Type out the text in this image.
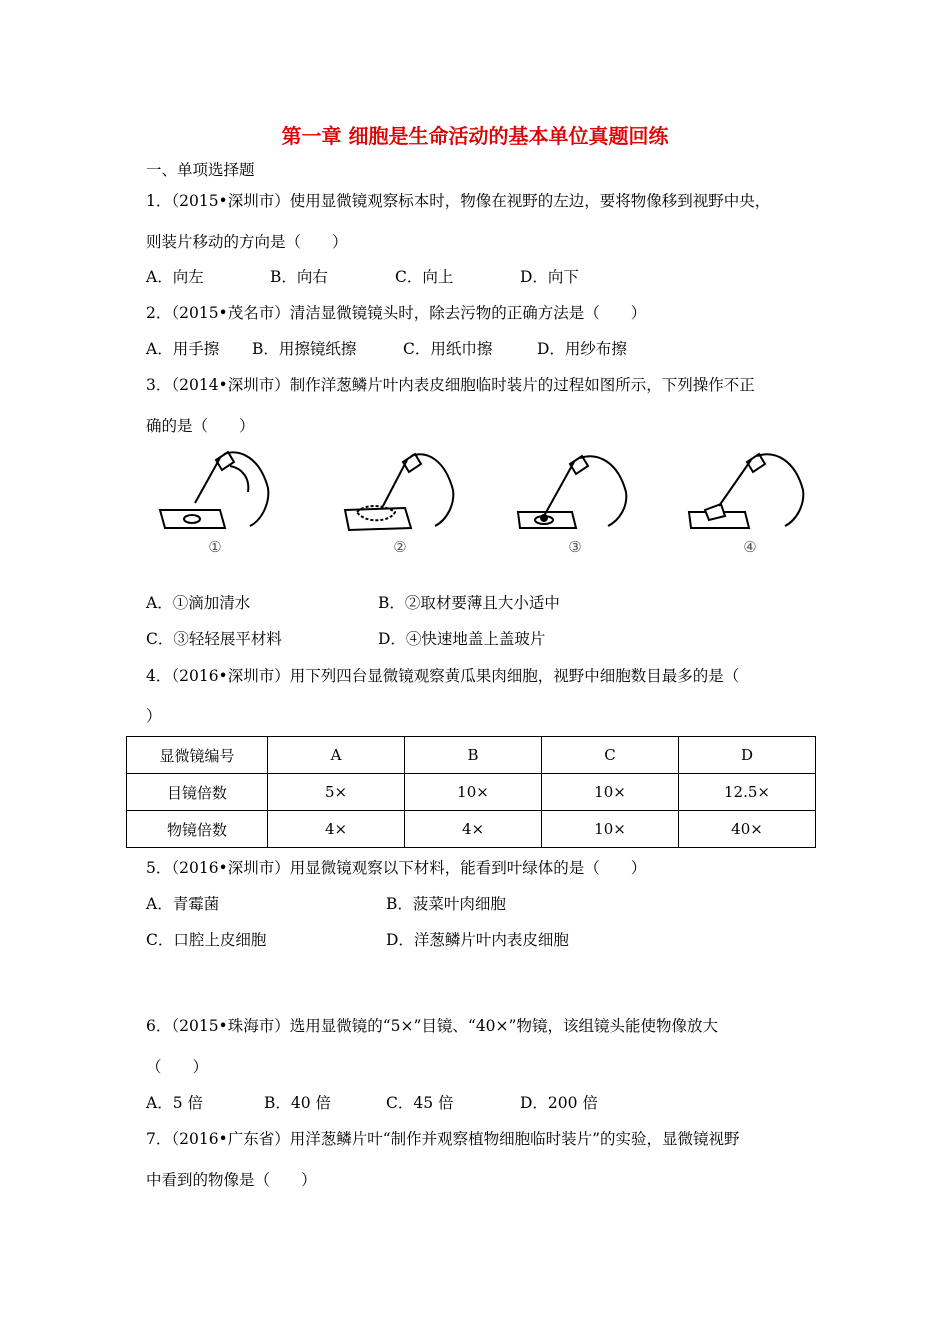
第一章 细胞是生命活动的基本单位真题回练
一、单项选择题
1．（2015•深圳市）使用显微镜观察标本时，物像在视野的左边，要将物像移到视野中央，
则装片移动的方向是（　　）
A．向左	B．向右	C．向上	D．向下
2．（2015•茂名市）清洁显微镜镜头时，除去污物的正确方法是（　　）
A．用手擦 B．用擦镜纸擦	C．用纸巾擦	D．用纱布擦
3．（2014•深圳市）制作洋葱鳞片叶内表皮细胞临时装片的过程如图所示，下列操作不正
确的是（　　）
①	②	③	④
A．①滴加清水	B．②取材要薄且大小适中
C．③轻轻展平材料	D．④快速地盖上盖玻片
4．（2016•深圳市）用下列四台显微镜观察黄瓜果肉细胞，视野中细胞数目最多的是（
）
显微镜编号	A	B	C	D
目镜倍数	5×	10×	10×	12.5×
物镜倍数	4×	4×	10×	40×
5．（2016•深圳市）用显微镜观察以下材料，能看到叶绿体的是（　　）
A．青霉菌	B．菠菜叶肉细胞
C．口腔上皮细胞	D．洋葱鳞片叶内表皮细胞
6．（2015•珠海市）选用显微镜的“5×”目镜、“40×”物镜，该组镜头能使物像放大
（　　）
A．5 倍	B．40 倍	C．45 倍	D．200 倍
7．（2016•广东省）用洋葱鳞片叶“制作并观察植物细胞临时装片”的实验，显微镜视野
中看到的物像是（　　）
